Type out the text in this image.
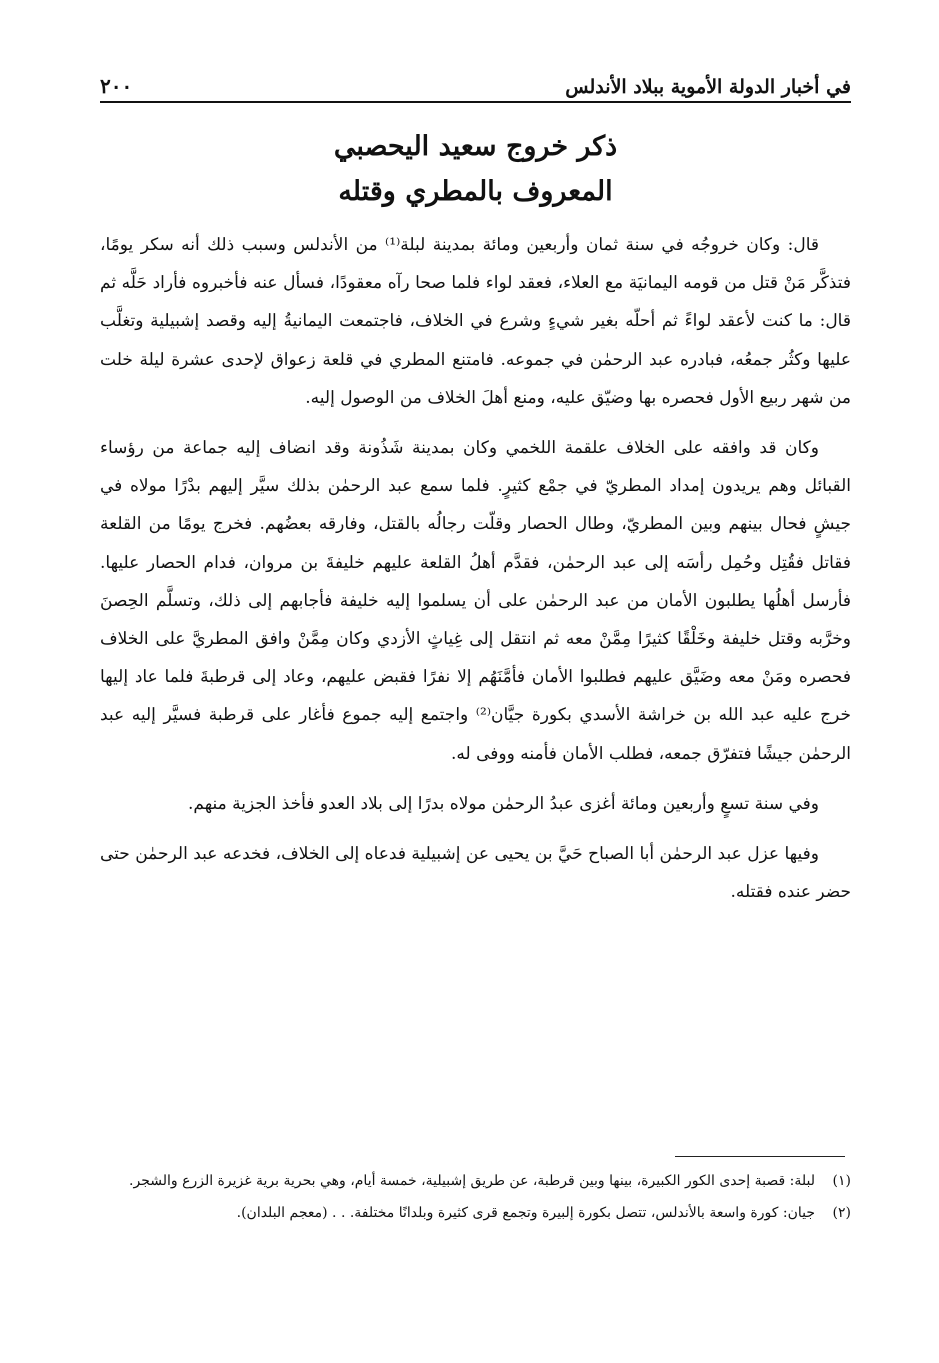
في أخبار الدولة الأموية ببلاد الأندلس
٢٠٠
ذكر خروج سعيد اليحصبي
المعروف بالمطري وقتله

قال: وكان خروجُه في سنة ثمان وأربعين ومائة بمدينة لبلة⁽¹⁾ من الأندلس وسبب ذلك أنه سكر يومًا، فتذكَّر مَنْ قتل من قومه اليمانيَة مع العلاء، فعقد لواء فلما صحا رآه معقودًا، فسأل عنه فأخبروه فأراد حَلَّه ثم قال: ما كنت لأعقد لواءً ثم أحلّه بغير شيءٍ وشرع في الخلاف، فاجتمعت اليمانيةُ إليه وقصد إشبيلية وتغلَّب عليها وكثُر جمعُه، فبادره عبد الرحمٰن في جموعه. فامتنع المطري في قلعة زعواق لإحدى عشرة ليلة خلت من شهر ربيع الأول فحصره بها وضيّق عليه، ومنع أهلَ الخلاف من الوصول إليه.

وكان قد وافقه على الخلاف علقمة اللخمي وكان بمدينة شَذُونة وقد انضاف إليه جماعة من رؤساء القبائل وهم يريدون إمداد المطريّ في جمْع كثيرٍ. فلما سمع عبد الرحمٰن بذلك سيَّر إليهم بدْرًا مولاه في جيشٍ فحال بينهم وبين المطريّ، وطال الحصار وقلّت رجالُه بالقتل، وفارقه بعضُهم. فخرج يومًا من القلعة فقاتل فقُتِل وحُمِل رأسَه إلى عبد الرحمٰن، فقدَّم أهلُ القلعة عليهم خليفةَ بن مروان، فدام الحصار عليها. فأرسل أهلُها يطلبون الأمان من عبد الرحمٰن على أن يسلموا إليه خليفة فأجابهم إلى ذلك، وتسلَّم الحِصنَ وخرَّبه وقتل خليفة وخَلْقًا كثيرًا مِمَّنْ معه ثم انتقل إلى غِياثٍ الأزدي وكان مِمَّنْ وافق المطريَّ على الخلاف فحصره ومَنْ معه وضَيَّق عليهم فطلبوا الأمان فأمَّنَهُم إلا نفرًا فقبض عليهم، وعاد إلى قرطبةَ فلما عاد إليها خرج عليه عبد الله بن خراشة الأسدي بكورة جيَّان⁽²⁾ واجتمع إليه جموع فأغار على قرطبة فسيَّر إليه عبد الرحمٰن جيشًا فتفرّق جمعه، فطلب الأمان فأمنه ووفى له.

وفي سنة تسعٍ وأربعين ومائة أغزى عبدُ الرحمٰن مولاه بدرًا إلى بلاد العدو فأخذ الجزية منهم.

وفيها عزل عبد الرحمٰن أبا الصباح حَيَّ بن يحيى عن إشبيلية فدعاه إلى الخلاف، فخدعه عبد الرحمٰن حتى حضر عنده فقتله.

(١)
لبلة: قصبة إحدى الكور الكبيرة، بينها وبين قرطبة، عن طريق إشبيلية، خمسة أيام، وهي بحرية برية غزيرة الزرع والشجر.
(٢)
جيان: كورة واسعة بالأندلس، تتصل بكورة إلبيرة وتجمع قرى كثيرة وبلدانًا مختلفة. . . (معجم البلدان).
